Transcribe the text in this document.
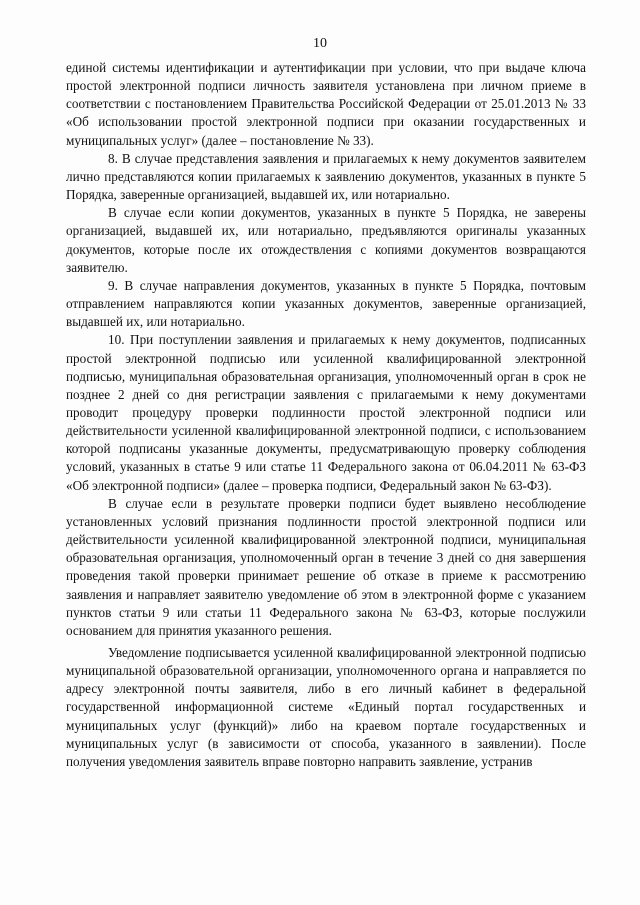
10

единой системы идентификации и аутентификации при условии, что при выдаче ключа простой электронной подписи личность заявителя установлена при личном приеме в соответствии с постановлением Правительства Российской Федерации от 25.01.2013 № 33 «Об использовании простой электронной подписи при оказании государственных и муниципальных услуг» (далее – постановление № 33).

8. В случае представления заявления и прилагаемых к нему документов заявителем лично представляются копии прилагаемых к заявлению документов, указанных в пункте 5 Порядка, заверенные организацией, выдавшей их, или нотариально.

В случае если копии документов, указанных в пункте 5 Порядка, не заверены организацией, выдавшей их, или нотариально, предъявляются оригиналы указанных документов, которые после их отождествления с копиями документов возвращаются заявителю.

9. В случае направления документов, указанных в пункте 5 Порядка, почтовым отправлением направляются копии указанных документов, заверенные организацией, выдавшей их, или нотариально.

10. При поступлении заявления и прилагаемых к нему документов, подписанных простой электронной подписью или усиленной квалифицированной электронной подписью, муниципальная образовательная организация, уполномоченный орган в срок не позднее 2 дней со дня регистрации заявления с прилагаемыми к нему документами проводит процедуру проверки подлинности простой электронной подписи или действительности усиленной квалифицированной электронной подписи, с использованием которой подписаны указанные документы, предусматривающую проверку соблюдения условий, указанных в статье 9 или статье 11 Федерального закона от 06.04.2011 № 63-ФЗ «Об электронной подписи» (далее – проверка подписи, Федеральный закон № 63-ФЗ).

В случае если в результате проверки подписи будет выявлено несоблюдение установленных условий признания подлинности простой электронной подписи или действительности усиленной квалифицированной электронной подписи, муниципальная образовательная организация, уполномоченный орган в течение 3 дней со дня завершения проведения такой проверки принимает решение об отказе в приеме к рассмотрению заявления и направляет заявителю уведомление об этом в электронной форме с указанием пунктов статьи 9 или статьи 11 Федерального закона № 63-ФЗ, которые послужили основанием для принятия указанного решения.

Уведомление подписывается усиленной квалифицированной электронной подписью муниципальной образовательной организации, уполномоченного органа и направляется по адресу электронной почты заявителя, либо в его личный кабинет в федеральной государственной информационной системе «Единый портал государственных и муниципальных услуг (функций)» либо на краевом портале государственных и муниципальных услуг (в зависимости от способа, указанного в заявлении). После получения уведомления заявитель вправе повторно направить заявление, устранив
